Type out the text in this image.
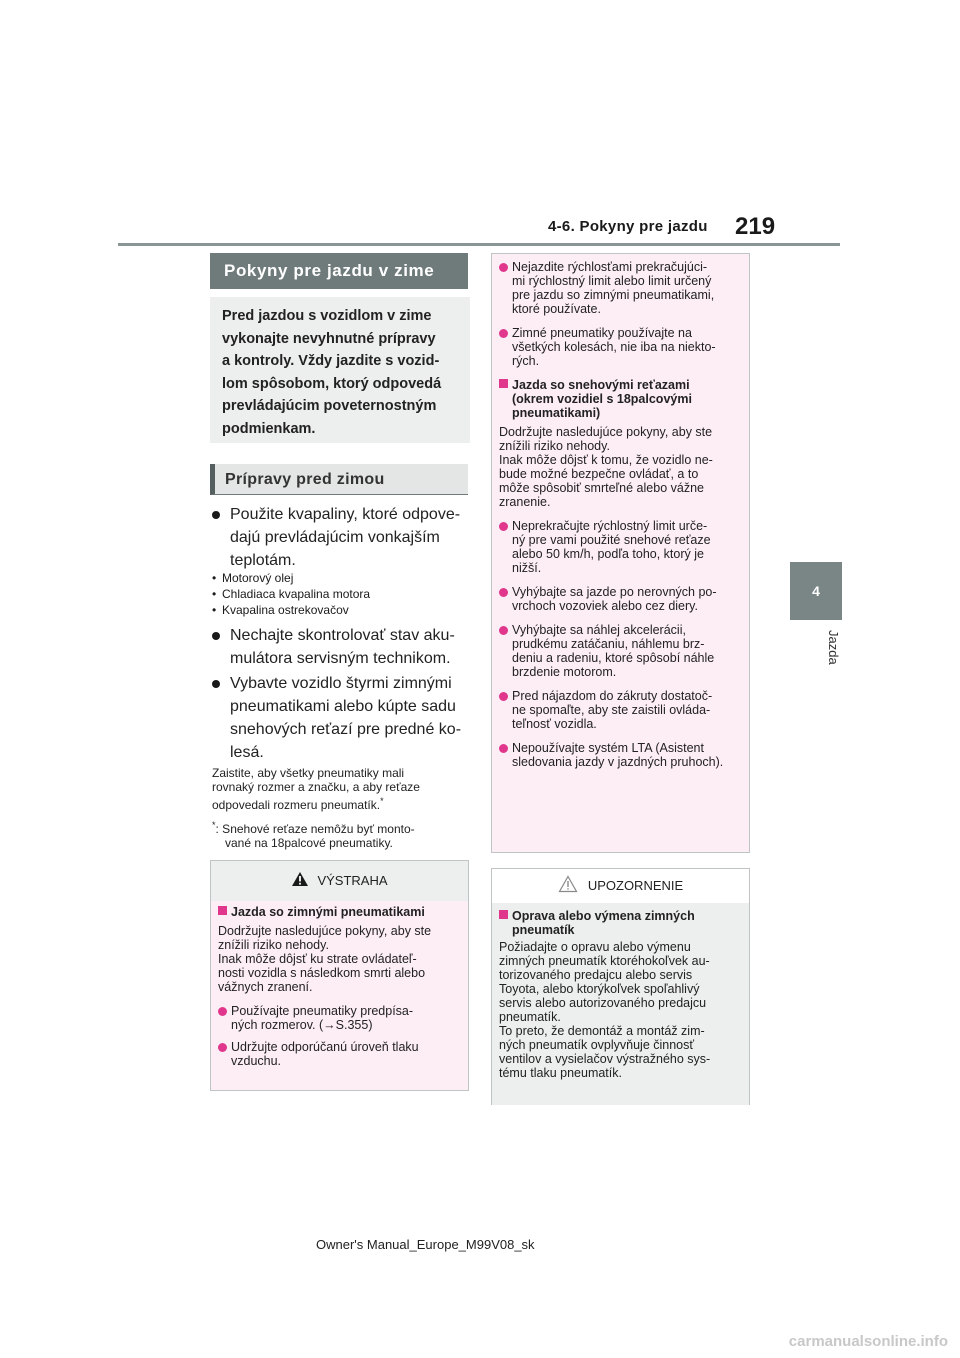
4-6. Pokyny pre jazdu 219
4
Jazda
Pokyny pre jazdu v zime
Pred jazdou s vozidlom v zime
vykonajte nevyhnutné prípravy
a kontroly. Vždy jazdite s vozid-
lom spôsobom, ktorý odpovedá
prevládajúcim poveternostným
podmienkam.
Prípravy pred zimou
Použite kvapaliny, ktoré odpove-
dajú prevládajúcim vonkajším
teplotám.
• Motorový olej
• Chladiaca kvapalina motora
• Kvapalina ostrekovačov
Nechajte skontrolovať stav aku-
mulátora servisným technikom.
Vybavte vozidlo štyrmi zimnými
pneumatikami alebo kúpte sadu
snehových reťazí pre predné ko-
lesá.
Zaistite, aby všetky pneumatiky mali
rovnaký rozmer a značku, a aby reťaze
odpovedali rozmeru pneumatík.*
*: Snehové reťaze nemôžu byť monto-
vané na 18palcové pneumatiky.
VÝSTRAHA
Jazda so zimnými pneumatikami
Dodržujte nasledujúce pokyny, aby ste
znížili riziko nehody.
Inak môže dôjsť ku strate ovládateľ-
nosti vozidla s následkom smrti alebo
vážnych zranení.
Používajte pneumatiky predpísa-
ných rozmerov. (→S.355)
Udržujte odporúčanú úroveň tlaku
vzduchu.
Nejazdite rýchlosťami prekračujúci-
mi rýchlostný limit alebo limit určený
pre jazdu so zimnými pneumatikami,
ktoré používate.
Zimné pneumatiky používajte na
všetkých kolesách, nie iba na niekto-
rých.
Jazda so snehovými reťazami
(okrem vozidiel s 18palcovými
pneumatikami)
Dodržujte nasledujúce pokyny, aby ste
znížili riziko nehody.
Inak môže dôjsť k tomu, že vozidlo ne-
bude možné bezpečne ovládať, a to
môže spôsobiť smrteľné alebo vážne
zranenie.
Neprekračujte rýchlostný limit urče-
ný pre vami použité snehové reťaze
alebo 50 km/h, podľa toho, ktorý je
nižší.
Vyhýbajte sa jazde po nerovných po-
vrchoch vozoviek alebo cez diery.
Vyhýbajte sa náhlej akcelerácii,
prudkému zatáčaniu, náhlemu brz-
deniu a radeniu, ktoré spôsobí náhle
brzdenie motorom.
Pred nájazdom do zákruty dostatoč-
ne spomaľte, aby ste zaistili ovláda-
teľnosť vozidla.
Nepoužívajte systém LTA (Asistent
sledovania jazdy v jazdných pruhoch).
UPOZORNENIE
Oprava alebo výmena zimných
pneumatík
Požiadajte o opravu alebo výmenu
zimných pneumatík ktoréhokoľvek au-
torizovaného predajcu alebo servis
Toyota, alebo ktorýkoľvek spoľahlivý
servis alebo autorizovaného predajcu
pneumatík.
To preto, že demontáž a montáž zim-
ných pneumatík ovplyvňuje činnosť
ventilov a vysielačov výstražného sys-
tému tlaku pneumatík.
Owner's Manual_Europe_M99V08_sk
carmanualsonline.info
